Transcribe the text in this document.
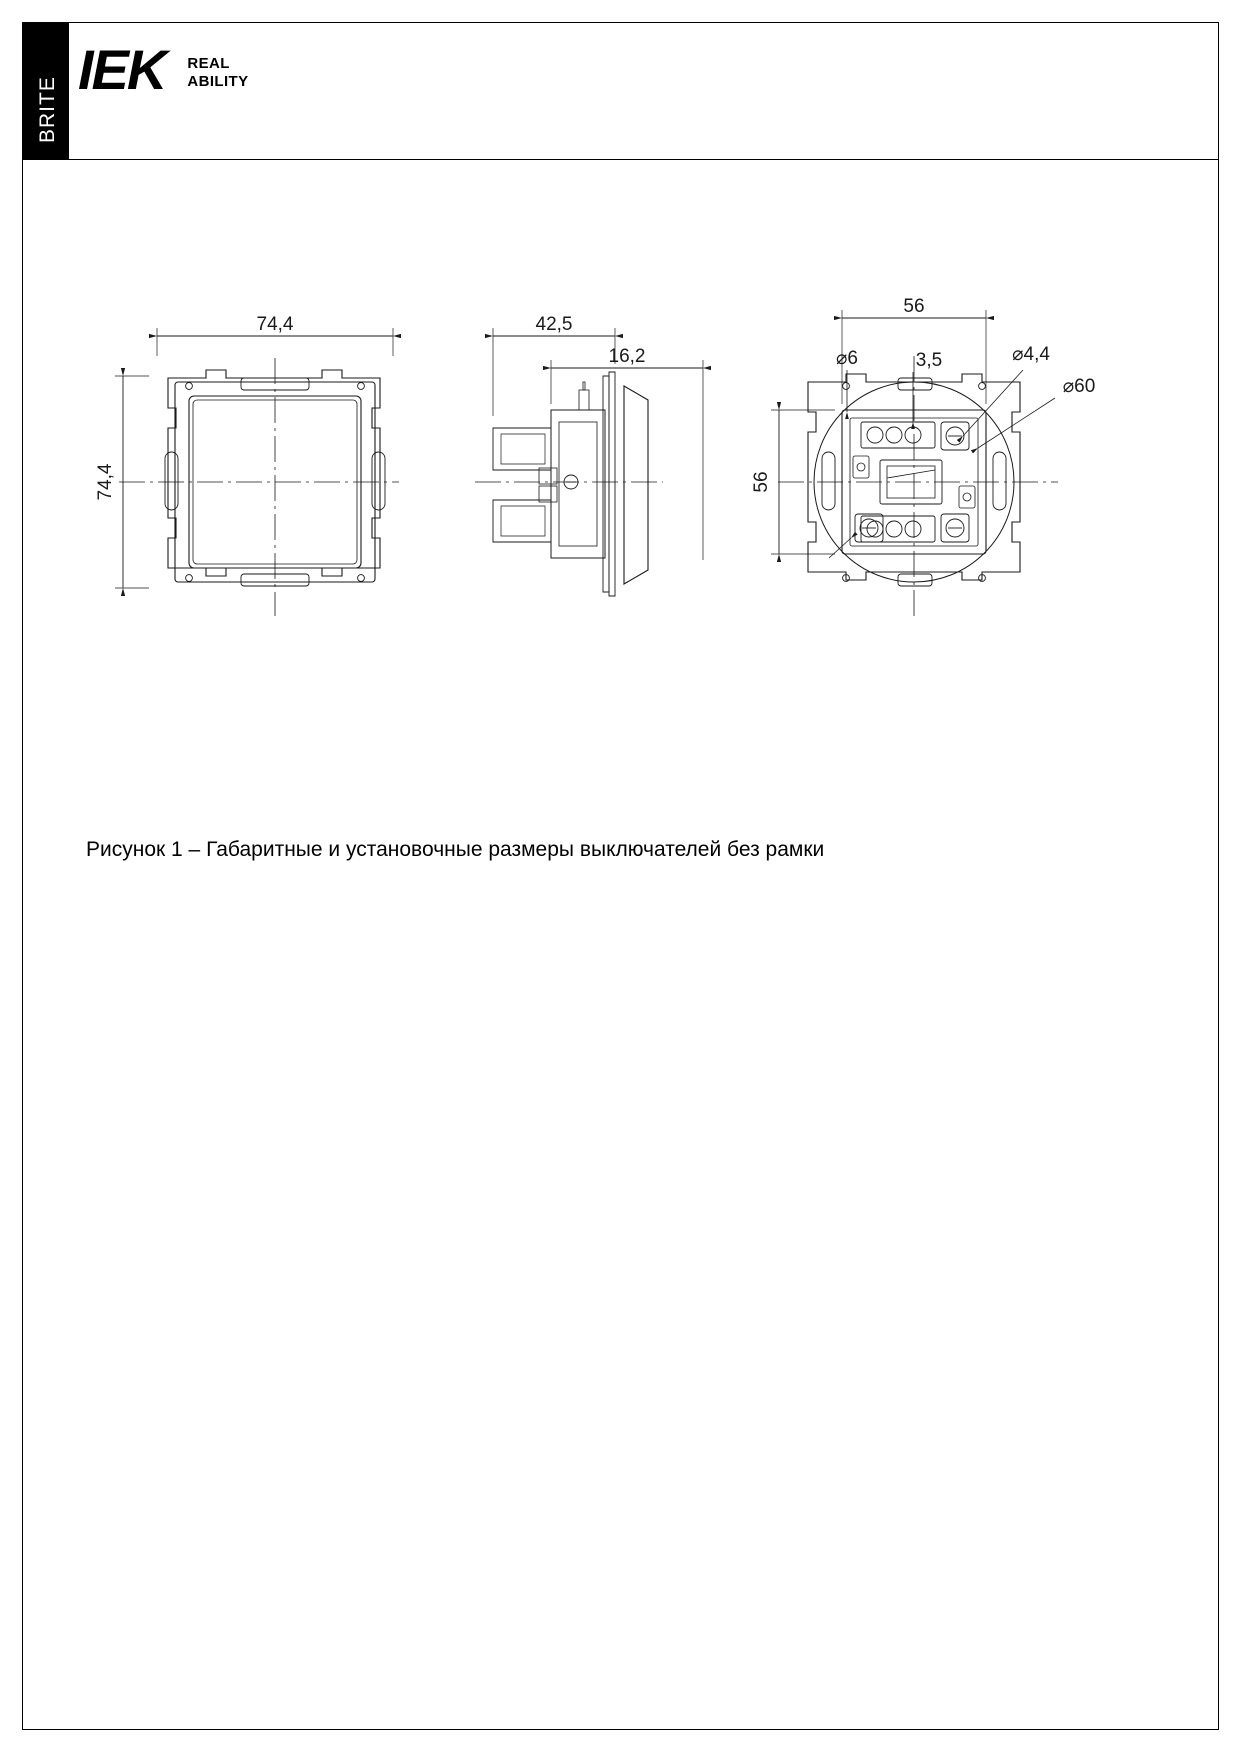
BRITE
IEK REAL
ABILITY
74,4
74,4
42,5
16,2
56
56
⌀6	3,5	⌀4,4
⌀60
Рисунок 1 – Габаритные и установочные размеры выключателей без рамки
